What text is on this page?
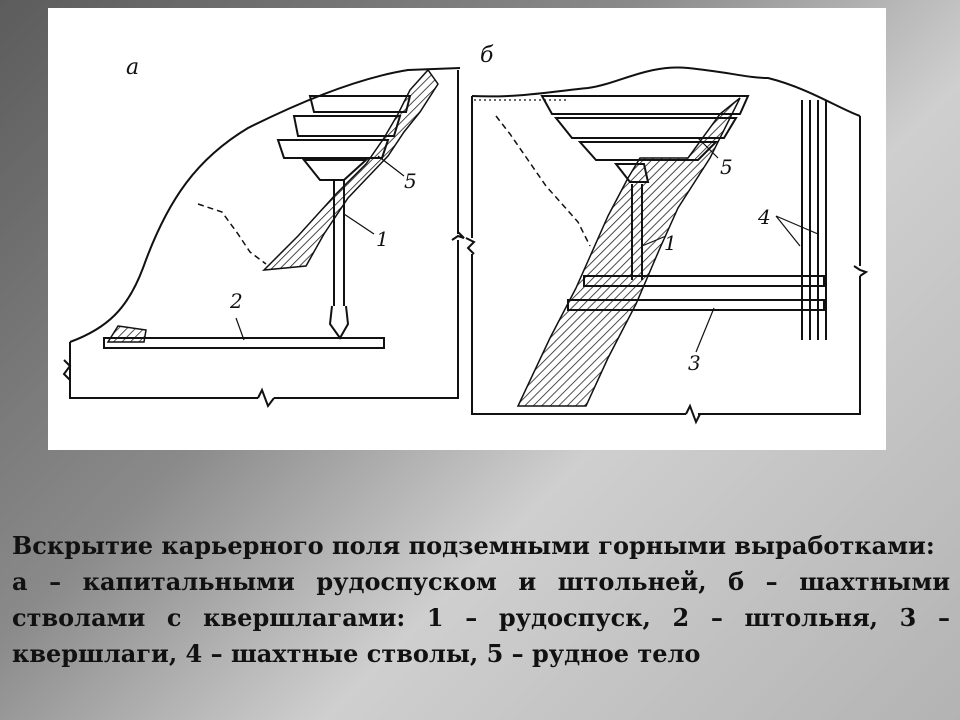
a
1
2
5
б
1
3
4
5

Вскрытие карьерного поля подземными горными выработками:

а – капитальными рудоспуском и штольней, б – шахтными стволами с квершлагами: 1 – рудоспуск, 2 – штольня, 3 – квершлаги, 4 – шахтные стволы, 5 – рудное тело
